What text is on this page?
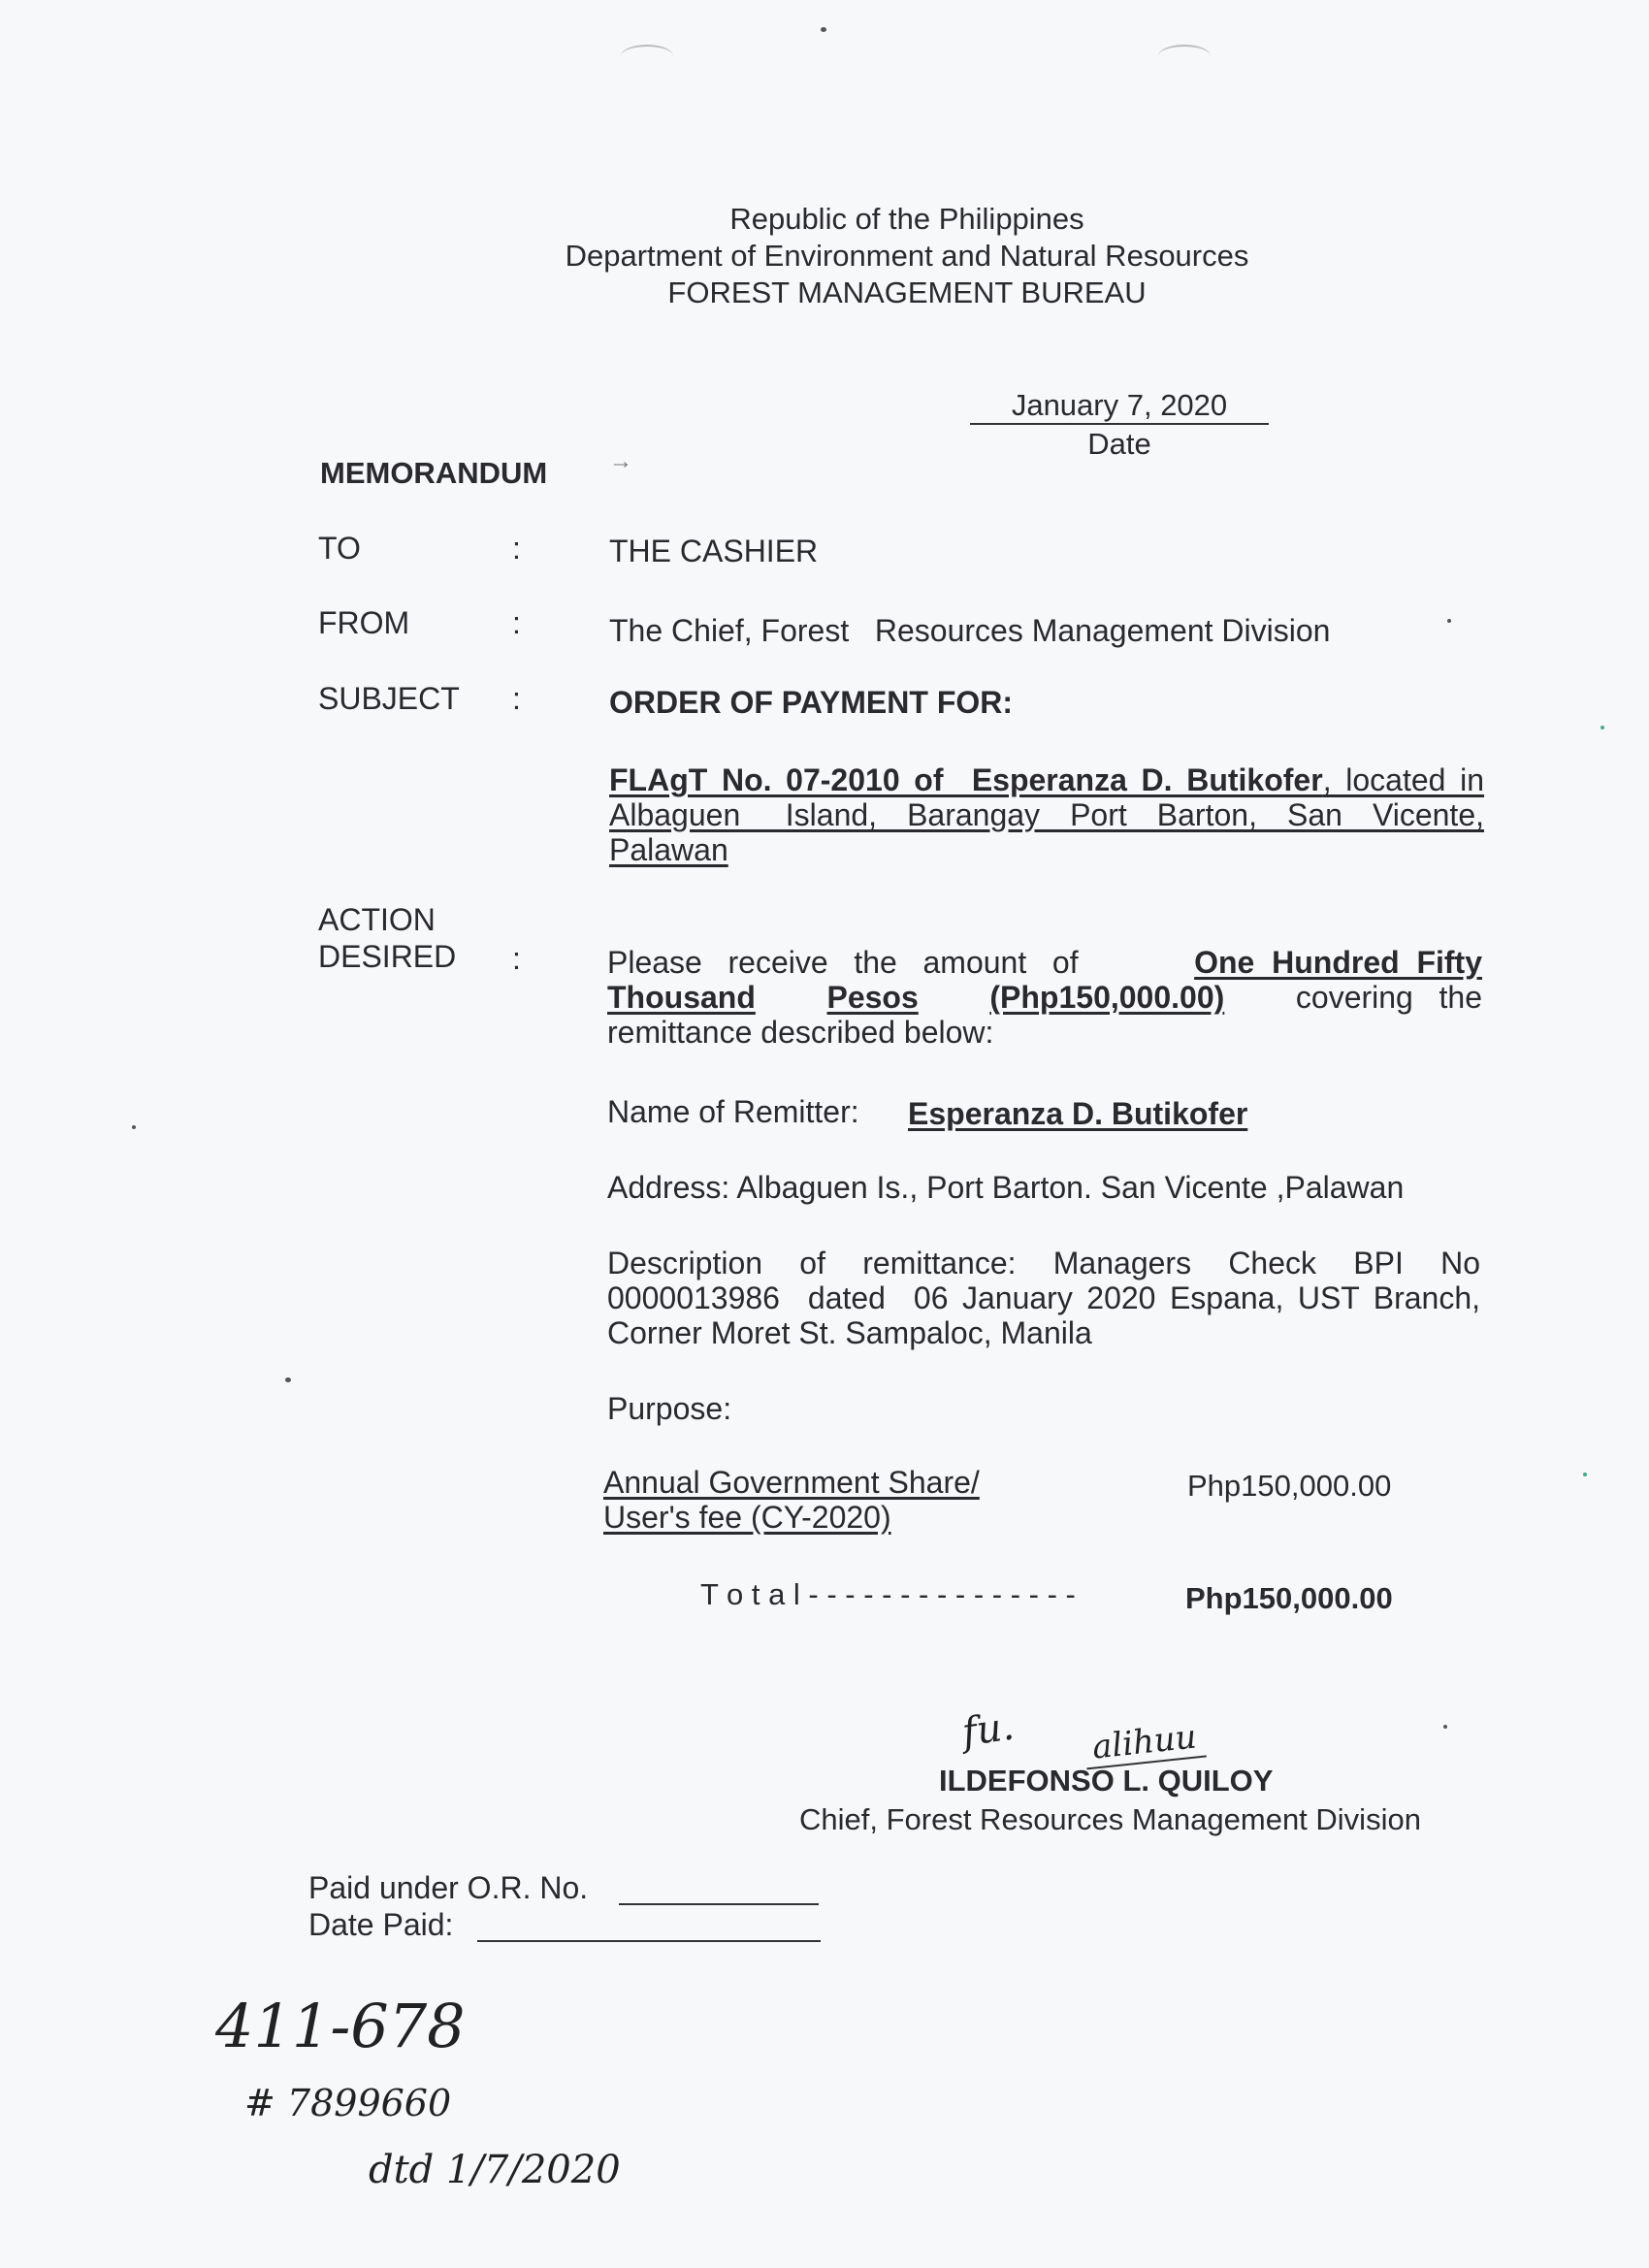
Republic of the Philippines
Department of Environment and Natural Resources
FOREST MANAGEMENT BUREAU
January 7, 2020
Date
MEMORANDUM	→
TO	:	THE CASHIER
FROM	:	The Chief, Forest   Resources Management Division
SUBJECT :	ORDER OF PAYMENT FOR:
FLAgT No. 07-2010 of  Esperanza D. Butikofer, located in
Albaguen   Island,  Barangay  Port  Barton,  San  Vicente,
Palawan
ACTION
DESIRED :	Please   receive   the   amount   of	One  Hundred  Fifty
Thousand Pesos (Php150,000.00) covering   the
remittance described below:
Name of Remitter: Esperanza D. Butikofer
Address: Albaguen Is., Port Barton. San Vicente ,Palawan
Description  of  remittance:  Managers  Check  BPI  No
0000013986  dated  06 January 2020 Espana, UST Branch,
Corner Moret St. Sampaloc, Manila
Purpose:
Annual Government Share/
User's fee (CY-2020)
Php150,000.00
T o t a l - - - - - - - - - - - - - - -	Php150,000.00
fu. alihuu
ILDEFONSO L. QUILOY
Chief, Forest Resources Management Division
Paid under O.R. No.
Date Paid:
411-678
# 7899660
dtd 1/7/2020
